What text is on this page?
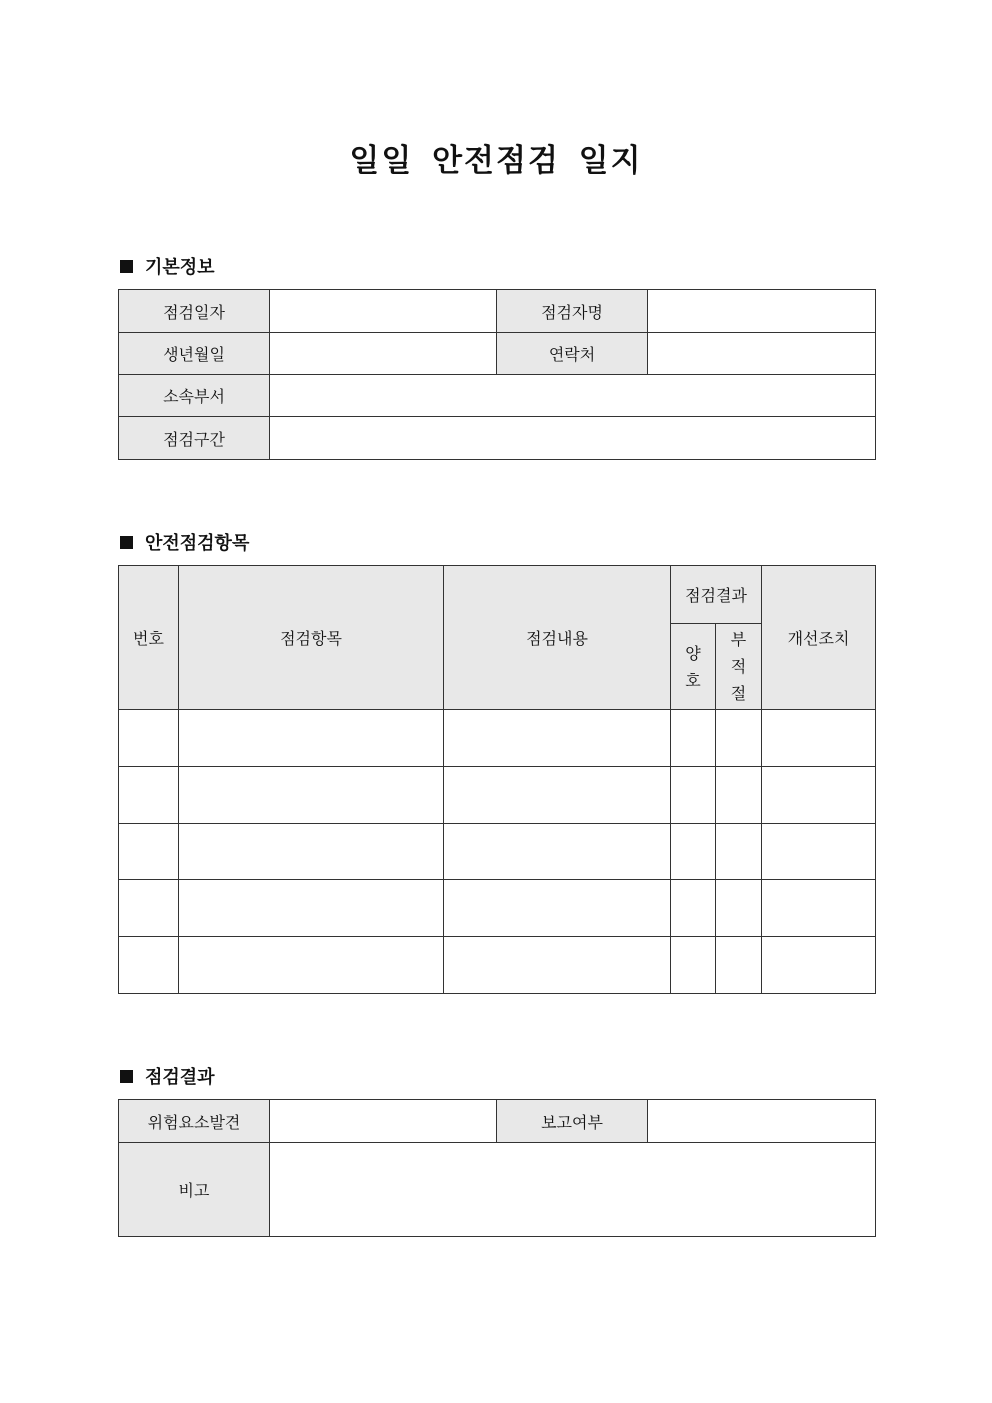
일일 안전점검 일지
기본정보
점검일자		점검자명	
생년월일		연락처	
소속부서			
점검구간			
안전점검항목
번호	점검항목	점검내용	점검결과		개선조치
			양호	부적절	

점검결과
위험요소발견		보고여부	
비고			
